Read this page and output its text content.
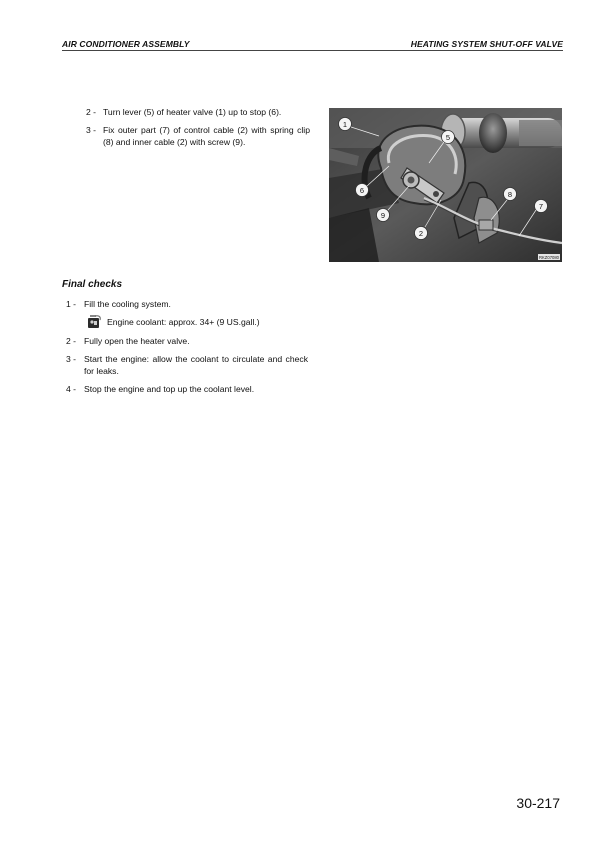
AIR CONDITIONER ASSEMBLY	HEATING SYSTEM SHUT-OFF VALVE
2 - Turn lever (5) of heater valve (1) up to stop (6).
3 - Fix outer part (7) of control cable (2) with spring clip (8) and inner cable (2) with screw (9).
1
5
6	8
7
9
2
RKZ07080
Final checks
1 - Fill the cooling system.
Engine coolant: approx. 34+ (9 US.gall.)
2 - Fully open the heater valve.
3 - Start the engine: allow the coolant to circulate and check for leaks.
4 - Stop the engine and top up the coolant level.
30-217
